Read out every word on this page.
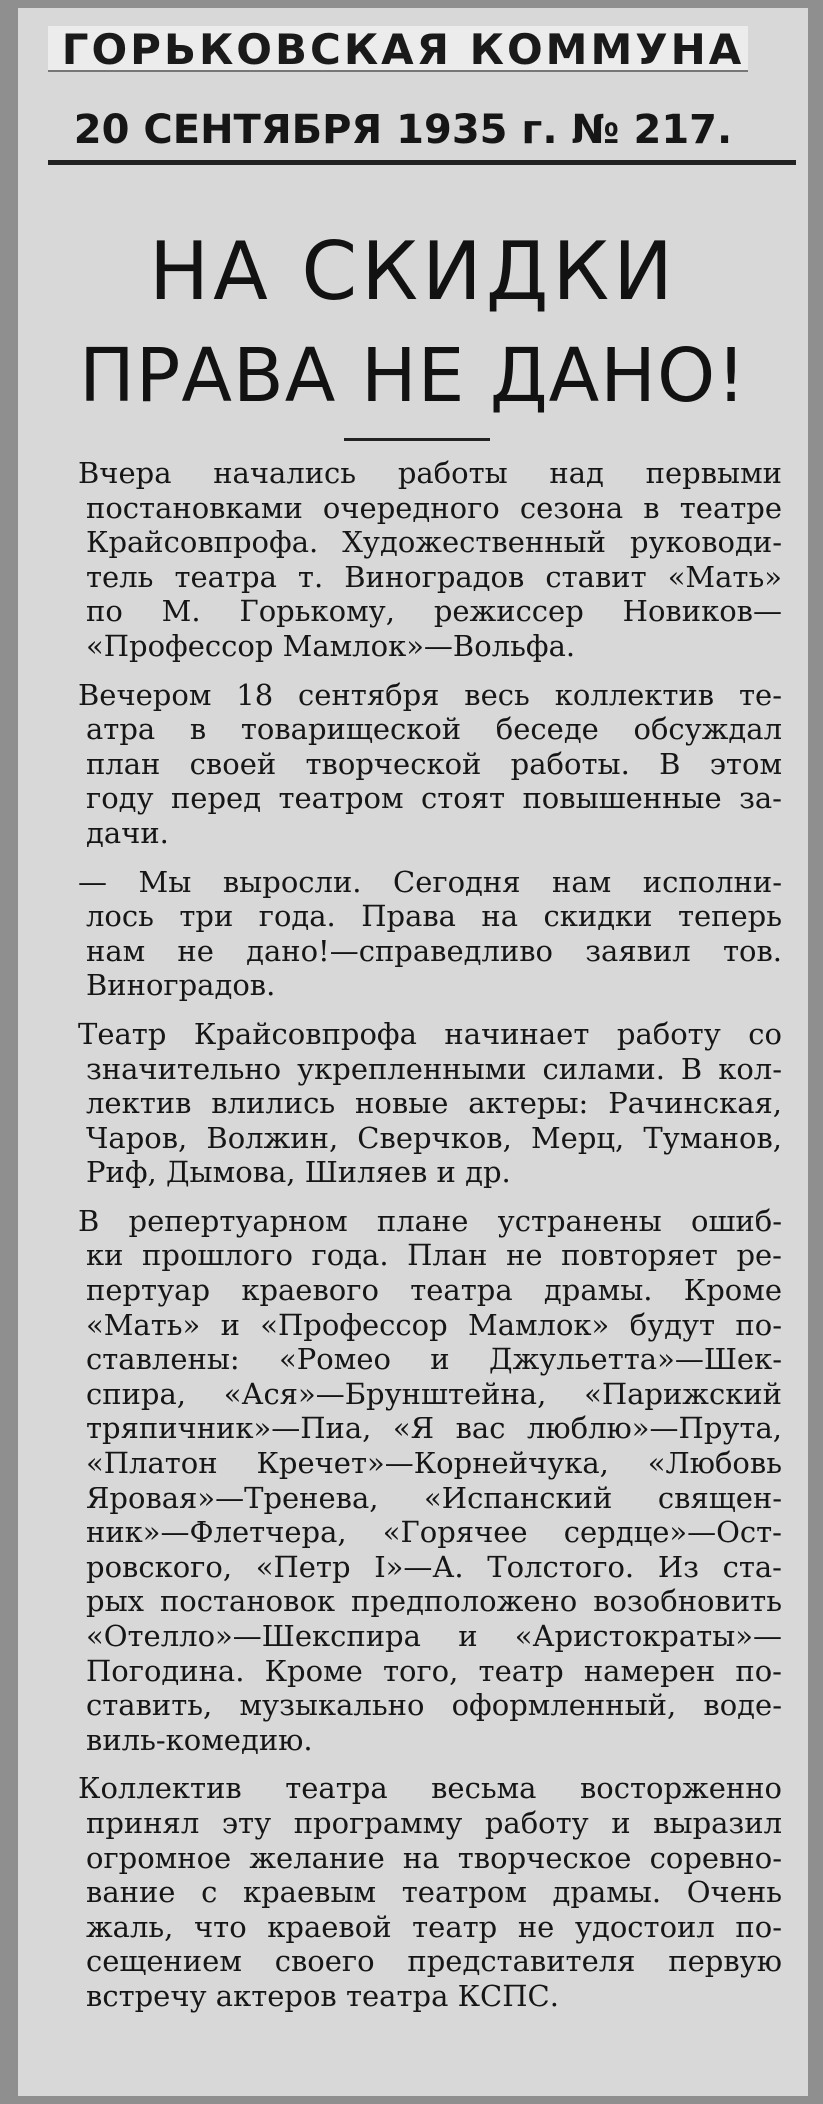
ГОРЬКОВСКАЯ КОММУНА
20 СЕНТЯБРЯ 1935 г. № 217.
НА СКИДКИ
ПРАВА НЕ ДАНО!
Вчера начались работы над первыми
постановками очередного сезона в театре
Крайсовпрофа. Художественный руководи-
тель театра т. Виноградов ставит «Мать»
по М. Горькому, режиссер Новиков—
«Профессор Мамлок»—Вольфа.
Вечером 18 сентября весь коллектив те-
атра в товарищеской беседе обсуждал
план своей творческой работы. В этом
году перед театром стоят повышенные за-
дачи.
— Мы выросли. Сегодня нам исполни-
лось три года. Права на скидки теперь
нам не дано!—справедливо заявил тов.
Виноградов.
Театр Крайсовпрофа начинает работу со
значительно укрепленными силами. В кол-
лектив влились новые актеры: Рачинская,
Чаров, Волжин, Сверчков, Мерц, Туманов,
Риф, Дымова, Шиляев и др.
В репертуарном плане устранены ошиб-
ки прошлого года. План не повторяет ре-
пертуар краевого театра драмы. Кроме
«Мать» и «Профессор Мамлок» будут по-
ставлены: «Ромео и Джульетта»—Шек-
спира, «Ася»—Брунштейна, «Парижский
тряпичник»—Пиа, «Я вас люблю»—Прута,
«Платон Кречет»—Корнейчука, «Любовь
Яровая»—Тренева, «Испанский священ-
ник»—Флетчера, «Горячее сердце»—Ост-
ровского, «Петр I»—А. Толстого. Из ста-
рых постановок предположено возобновить
«Отелло»—Шекспира и «Аристократы»—
Погодина. Кроме того, театр намерен по-
ставить, музыкально оформленный, воде-
виль-комедию.
Коллектив театра весьма восторженно
принял эту программу работу и выразил
огромное желание на творческое соревно-
вание с краевым театром драмы. Очень
жаль, что краевой театр не удостоил по-
сещением своего представителя первую
встречу актеров театра КСПС.
